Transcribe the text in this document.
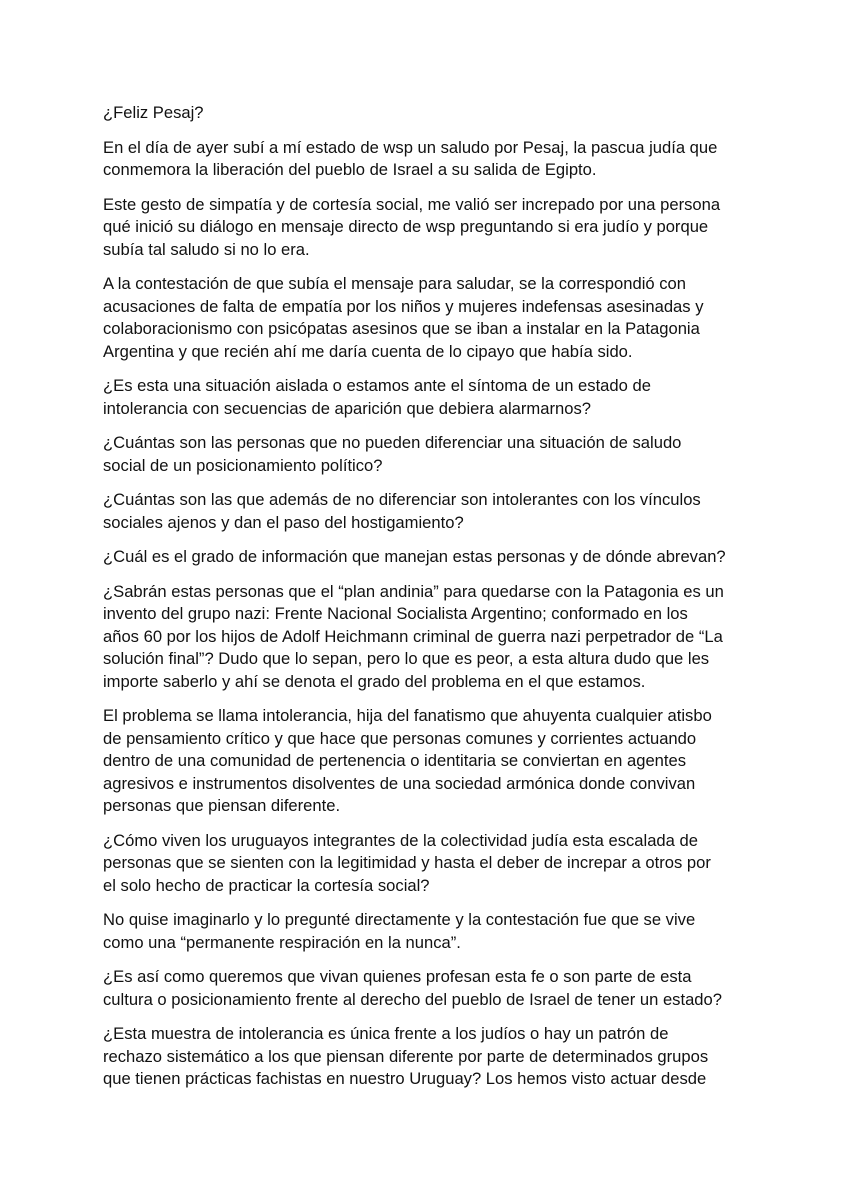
¿Feliz Pesaj?

En el día de ayer subí a mí estado de wsp un saludo por Pesaj, la pascua judía que
conmemora la liberación del pueblo de Israel a su salida de Egipto.

Este gesto de simpatía y de cortesía social, me valió ser increpado por una persona
qué inició su diálogo en mensaje directo de wsp preguntando si era judío y porque
subía tal saludo si no lo era.

A la contestación de que subía el mensaje para saludar, se la correspondió con
acusaciones de falta de empatía por los niños y mujeres indefensas asesinadas y
colaboracionismo con psicópatas asesinos que se iban a instalar en la Patagonia
Argentina y que recién ahí me daría cuenta de lo cipayo que había sido.

¿Es esta una situación aislada o estamos ante el síntoma de un estado de
intolerancia con secuencias de aparición que debiera alarmarnos?

¿Cuántas son las personas que no pueden diferenciar una situación de saludo
social de un posicionamiento político?

¿Cuántas son las que además de no diferenciar son intolerantes con los vínculos
sociales ajenos y dan el paso del hostigamiento?

¿Cuál es el grado de información que manejan estas personas y de dónde abrevan?

¿Sabrán estas personas que el “plan andinia” para quedarse con la Patagonia es un
invento del grupo nazi: Frente Nacional Socialista Argentino; conformado en los
años 60 por los hijos de Adolf Heichmann criminal de guerra nazi perpetrador de “La
solución final”? Dudo que lo sepan, pero lo que es peor, a esta altura dudo que les
importe saberlo y ahí se denota el grado del problema en el que estamos.

El problema se llama intolerancia, hija del fanatismo que ahuyenta cualquier atisbo
de pensamiento crítico y que hace que personas comunes y corrientes actuando
dentro de una comunidad de pertenencia o identitaria se conviertan en agentes
agresivos e instrumentos disolventes de una sociedad armónica donde convivan
personas que piensan diferente.

¿Cómo viven los uruguayos integrantes de la colectividad judía esta escalada de
personas que se sienten con la legitimidad y hasta el deber de increpar a otros por
el solo hecho de practicar la cortesía social?

No quise imaginarlo y lo pregunté directamente y la contestación fue que se vive
como una “permanente respiración en la nunca”.

¿Es así como queremos que vivan quienes profesan esta fe o son parte de esta
cultura o posicionamiento frente al derecho del pueblo de Israel de tener un estado?

¿Esta muestra de intolerancia es única frente a los judíos o hay un patrón de
rechazo sistemático a los que piensan diferente por parte de determinados grupos
que tienen prácticas fachistas en nuestro Uruguay? Los hemos visto actuar desde
